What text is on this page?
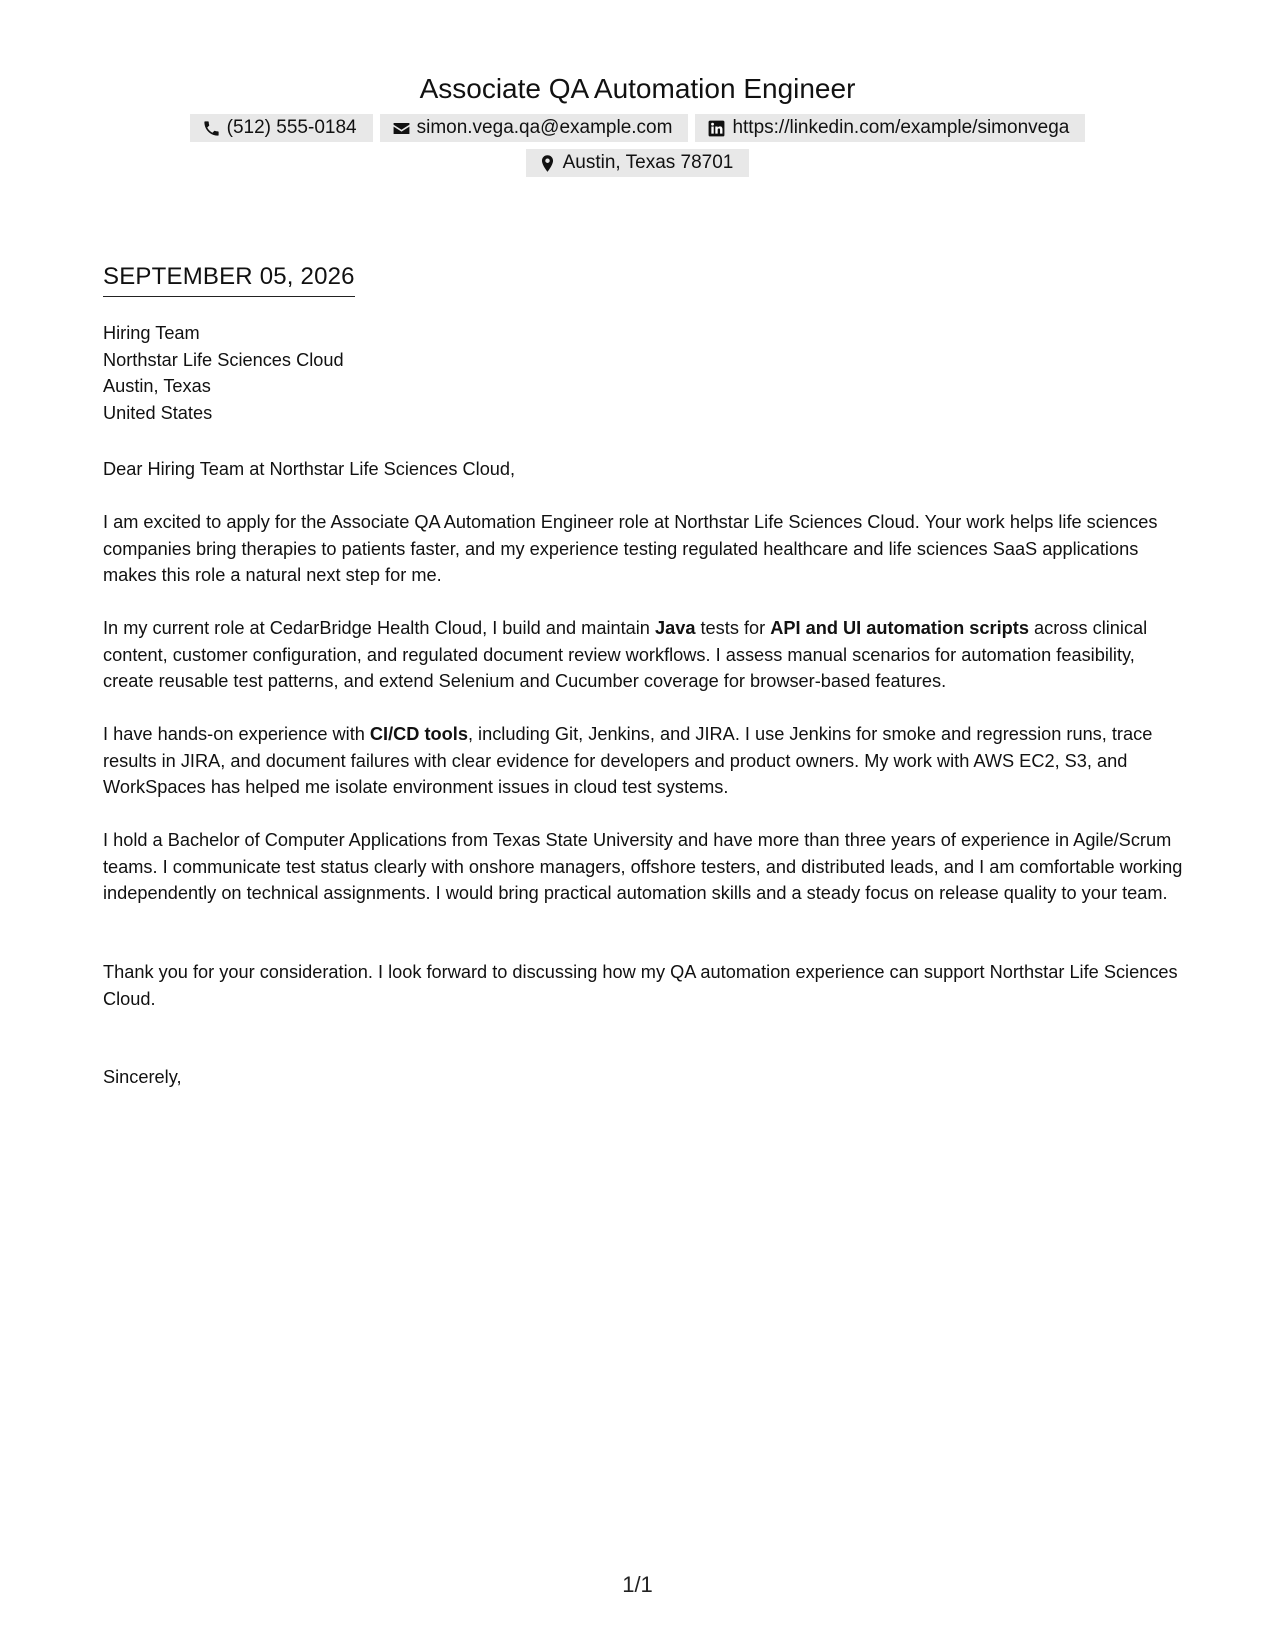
Associate QA Automation Engineer
(512) 555-0184	simon.vega.qa@example.com	https://linkedin.com/example/simonvega
Austin, Texas 78701
SEPTEMBER 05, 2026
Hiring Team
Northstar Life Sciences Cloud
Austin, Texas
United States

Dear Hiring Team at Northstar Life Sciences Cloud,

I am excited to apply for the Associate QA Automation Engineer role at Northstar Life Sciences Cloud. Your work helps life sciences companies bring therapies to patients faster, and my experience testing regulated healthcare and life sciences SaaS applications makes this role a natural next step for me.

In my current role at CedarBridge Health Cloud, I build and maintain Java tests for API and UI automation scripts across clinical content, customer configuration, and regulated document review workflows. I assess manual scenarios for automation feasibility, create reusable test patterns, and extend Selenium and Cucumber coverage for browser-based features.

I have hands-on experience with CI/CD tools, including Git, Jenkins, and JIRA. I use Jenkins for smoke and regression runs, trace results in JIRA, and document failures with clear evidence for developers and product owners. My work with AWS EC2, S3, and WorkSpaces has helped me isolate environment issues in cloud test systems.

I hold a Bachelor of Computer Applications from Texas State University and have more than three years of experience in Agile/Scrum teams. I communicate test status clearly with onshore managers, offshore testers, and distributed leads, and I am comfortable working independently on technical assignments. I would bring practical automation skills and a steady focus on release quality to your team.

Thank you for your consideration. I look forward to discussing how my QA automation experience can support Northstar Life Sciences Cloud.

Sincerely,

1/1
